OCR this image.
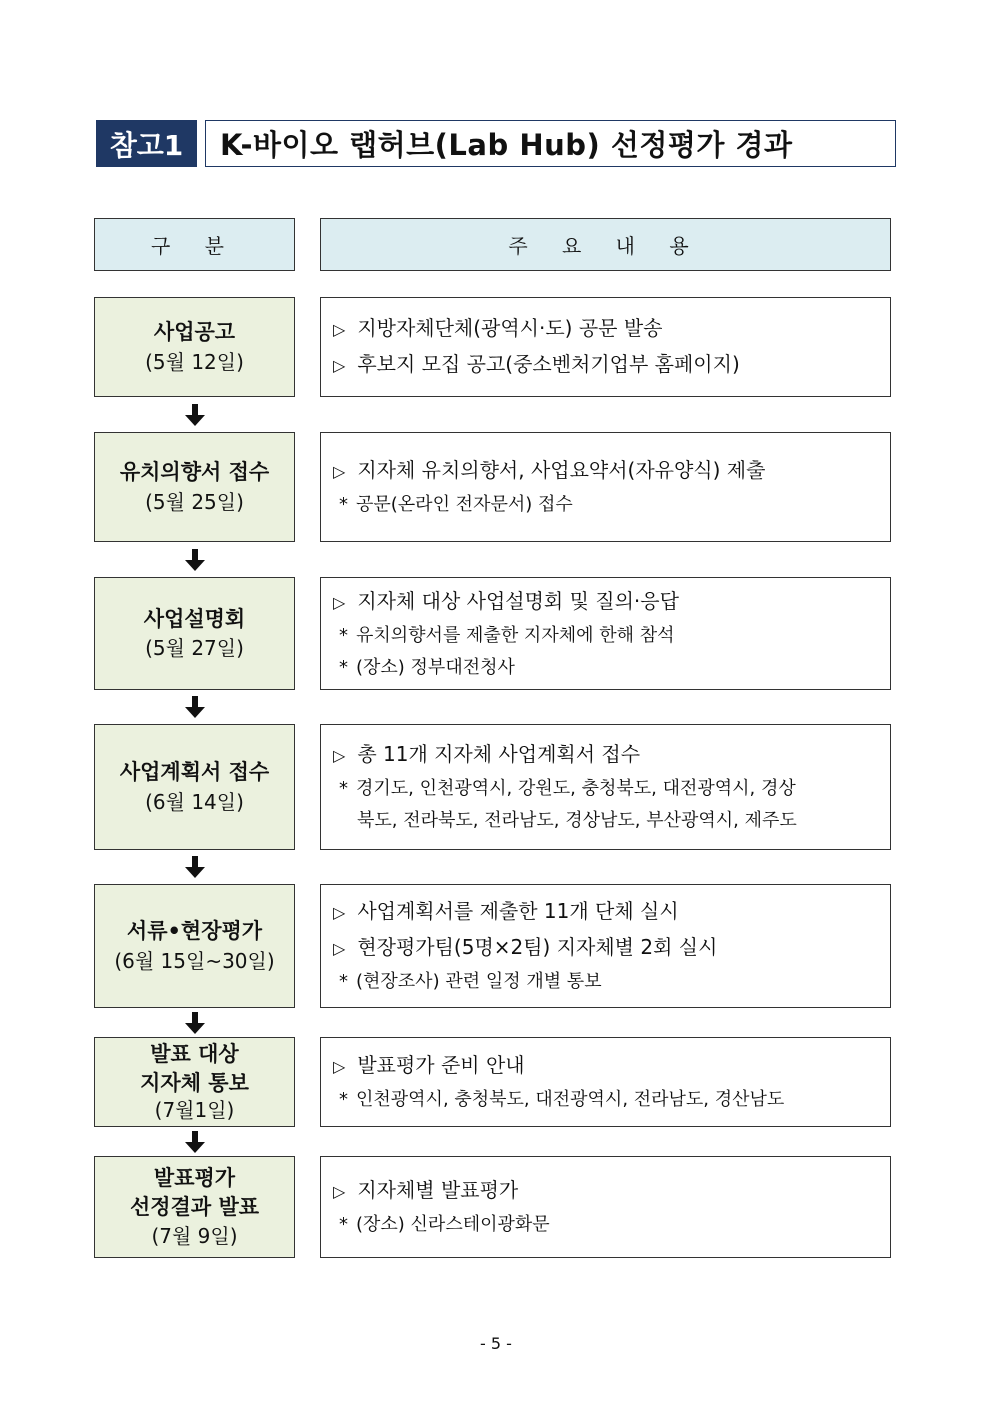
참고1	K-바이오 랩허브(Lab Hub) 선정평가 경과
구 분	주 요 내 용
사업공고
(5월 12일)
▷ 지방자체단체(광역시·도) 공문 발송
▷ 후보지 모집 공고(중소벤처기업부 홈페이지)
유치의향서 접수
(5월 25일)
▷ 지자체 유치의향서, 사업요약서(자유양식) 제출
* 공문(온라인 전자문서) 접수
사업설명회
(5월 27일)
▷ 지자체 대상 사업설명회 및 질의·응답
* 유치의향서를 제출한 지자체에 한해 참석
* (장소) 정부대전청사
사업계획서 접수
(6월 14일)
▷ 총 11개 지자체 사업계획서 접수
* 경기도, 인천광역시, 강원도, 충청북도, 대전광역시, 경상
북도, 전라북도, 전라남도, 경상남도, 부산광역시, 제주도
서류•현장평가
(6월 15일~30일)
▷ 사업계획서를 제출한 11개 단체 실시
▷ 현장평가팀(5명×2팀) 지자체별 2회 실시
* (현장조사) 관련 일정 개별 통보
발표 대상
지자체 통보
(7월1일)
▷ 발표평가 준비 안내
* 인천광역시, 충청북도, 대전광역시, 전라남도, 경산남도
발표평가
선정결과 발표
(7월 9일)
▷ 지자체별 발표평가
* (장소) 신라스테이광화문
- 5 -
